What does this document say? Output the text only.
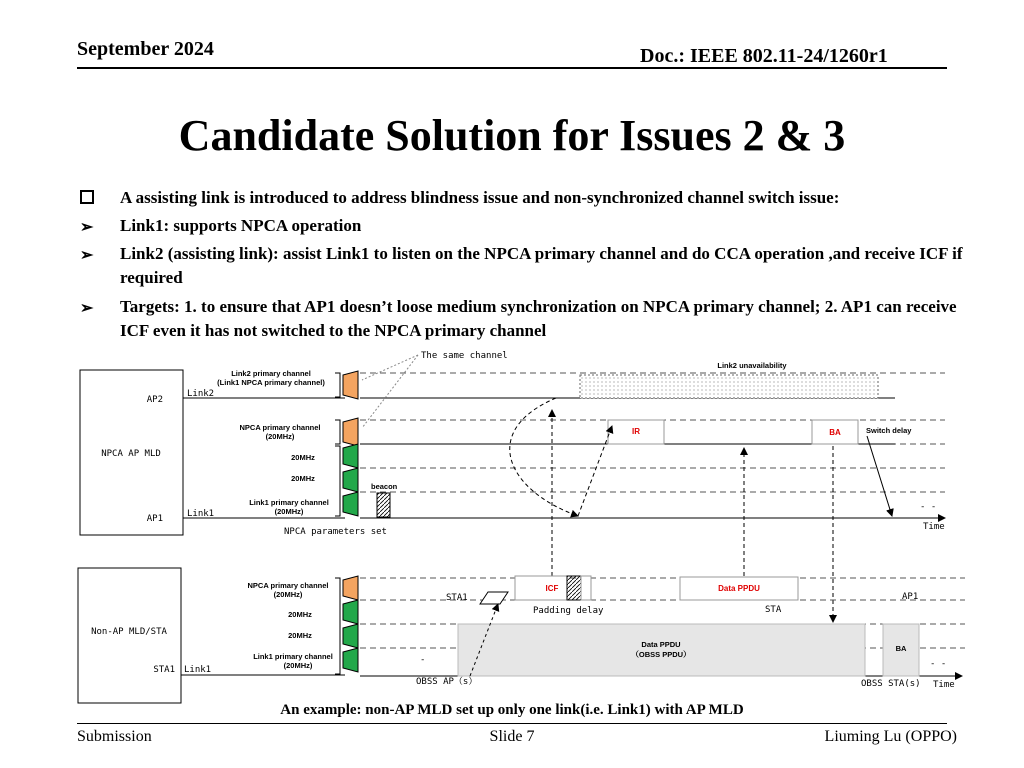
September 2024	Doc.: IEEE 802.11-24/1260r1
Candidate Solution for Issues 2 & 3
A assisting link is introduced to address blindness issue and non-synchronized channel switch issue:
➢ Link1: supports NPCA operation
➢ Link2 (assisting link): assist Link1 to listen on the NPCA primary channel and do CCA operation ,and receive ICF if required
➢ Targets: 1. to ensure that AP1 doesn’t loose medium synchronization on NPCA primary channel; 2. AP1 can receive ICF even it has not switched to the NPCA primary channel
AP2
NPCA AP MLD
AP1
Link2
Link1
Link2 primary channel
(Link1 NPCA primary channel)
NPCA primary channel
(20MHz)
20MHz
20MHz
Link1 primary channel
(20MHz)
The same channel
Link2 unavailability
IR	BA	Switch delay
beacon
NPCA parameters set
- -
Time
Non-AP MLD/STA
STA1 Link1
NPCA primary channel
(20MHz)
20MHz
20MHz
Link1 primary channel
(20MHz)
STA1
ICF
Padding delay
Data PPDU
AP1
STA
Data PPDU
（OBSS PPDU）
BA
-	- -
OBSS AP（s）	OBSS STA(s) Time
An example: non-AP MLD set up only one link(i.e. Link1) with AP MLD
Submission	Slide 7	Liuming Lu (OPPO)
